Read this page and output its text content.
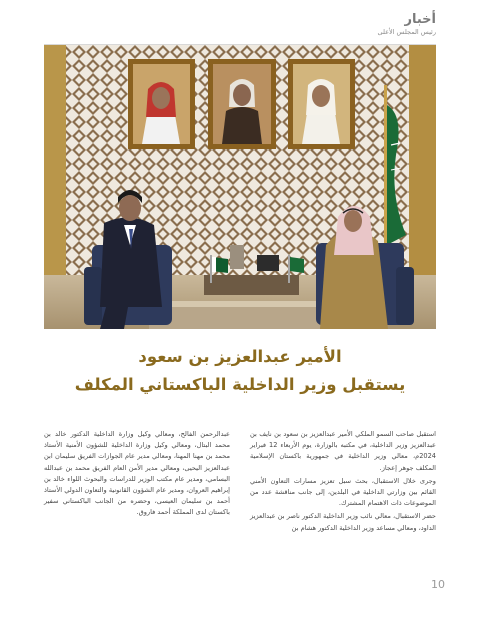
أخبار
رئيس المجلس الأعلى
الأمير عبدالعزيز بن سعود
يستقبل وزير الداخلية الباكستاني المكلف

استقبل صاحب السمو الملكي الأمير عبدالعزيز بن سعود بن نايف بن عبدالعزيز وزير الداخلية، في مكتبه بالوزارة، يوم الأربعاء 12 فبراير 2024م، معالي وزير الداخلية في جمهورية باكستان الإسلامية المكلف جوهر إعجاز.

وجرى خلال الاستقبال، بحث سبل تعزيز مسارات التعاون الأمني القائم بين وزارتي الداخلية في البلدين، إلى جانب مناقشة عدد من الموضوعات ذات الاهتمام المشترك.

حضر الاستقبال، معالي نائب وزير الداخلية الدكتور ناصر بن عبدالعزيز الداود، ومعالي مساعد وزير الداخلية الدكتور هشام بن

عبدالرحمن الفالح، ومعالي وكيل وزارة الداخلية الدكتور خالد بن محمد البتال، ومعالي وكيل وزارة الداخلية للشؤون الأمنية الأستاذ محمد بن مهنا المهنا، ومعالي مدير عام الجوازات الفريق سليمان ابن عبدالعزيز اليحيى، ومعالي مدير الأمن العام الفريق محمد بن عبدالله البسامي، ومدير عام مكتب الوزير للدراسات والبحوث اللواء خالد بن إبراهيم العروان، ومدير عام الشؤون القانونية والتعاون الدولي الأستاذ أحمد بن سليمان العيسى، وحضره من الجانب الباكستاني سفير باكستان لدى المملكة أحمد فاروق.

10
